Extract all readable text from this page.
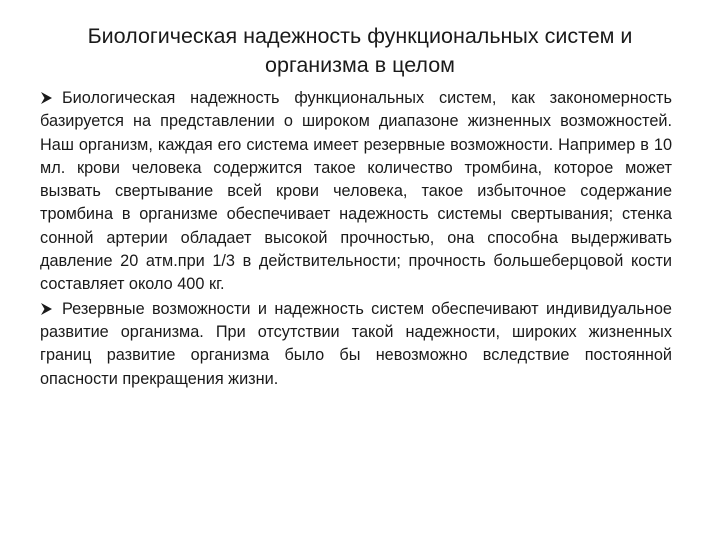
Биологическая надежность функциональных систем и организма в целом

Биологическая надежность функциональных систем, как закономерность базируется на представлении о широком диапазоне жизненных возможностей. Наш организм, каждая его система имеет резервные возможности. Например в 10 мл. крови человека содержится такое количество тромбина, которое может вызвать свертывание всей крови человека, такое избыточное содержание тромбина в организме обеспечивает надежность системы свертывания; стенка сонной артерии обладает высокой прочностью, она способна выдерживать давление 20 атм.при 1/3 в действительности; прочность большеберцовой кости составляет около 400 кг.

Резервные возможности и надежность систем обеспечивают индивидуальное развитие организма. При отсутствии такой надежности, широких жизненных границ развитие организма было бы невозможно вследствие постоянной опасности прекращения жизни.
